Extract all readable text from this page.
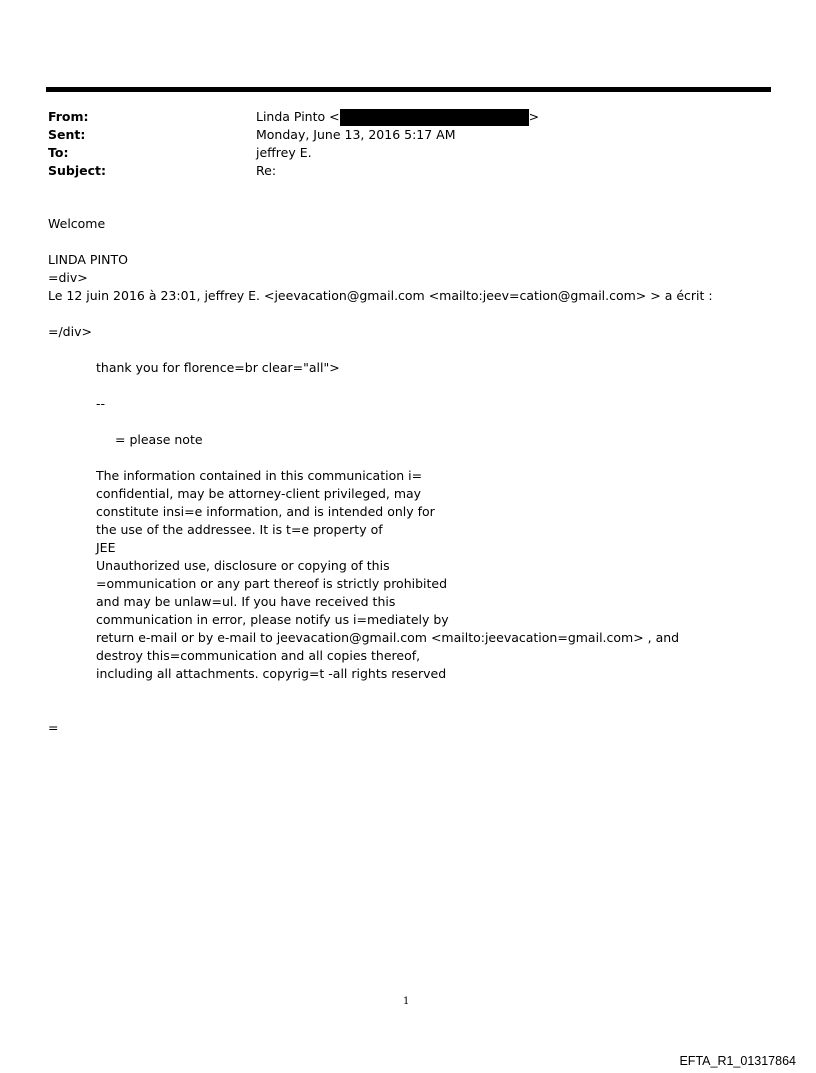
From:	Linda Pinto <	>
Sent:	Monday, June 13, 2016 5:17 AM
To:	jeffrey E.
Subject:	Re:
Welcome
LINDA PINTO
=div>
Le 12 juin 2016 à 23:01, jeffrey E. <jeevacation@gmail.com <mailto:jeev=cation@gmail.com> > a écrit :
=/div>
thank you for florence=br clear="all">
--
= please note
The information contained in this communication i=
confidential, may be attorney-client privileged, may
constitute insi=e information, and is intended only for
the use of the addressee. It is t=e property of
JEE
Unauthorized use, disclosure or copying of this
=ommunication or any part thereof is strictly prohibited
and may be unlaw=ul. If you have received this
communication in error, please notify us i=mediately by
return e-mail or by e-mail to jeevacation@gmail.com <mailto:jeevacation=gmail.com> , and
destroy this=communication and all copies thereof,
including all attachments. copyrig=t -all rights reserved
=
1
EFTA_R1_01317864
